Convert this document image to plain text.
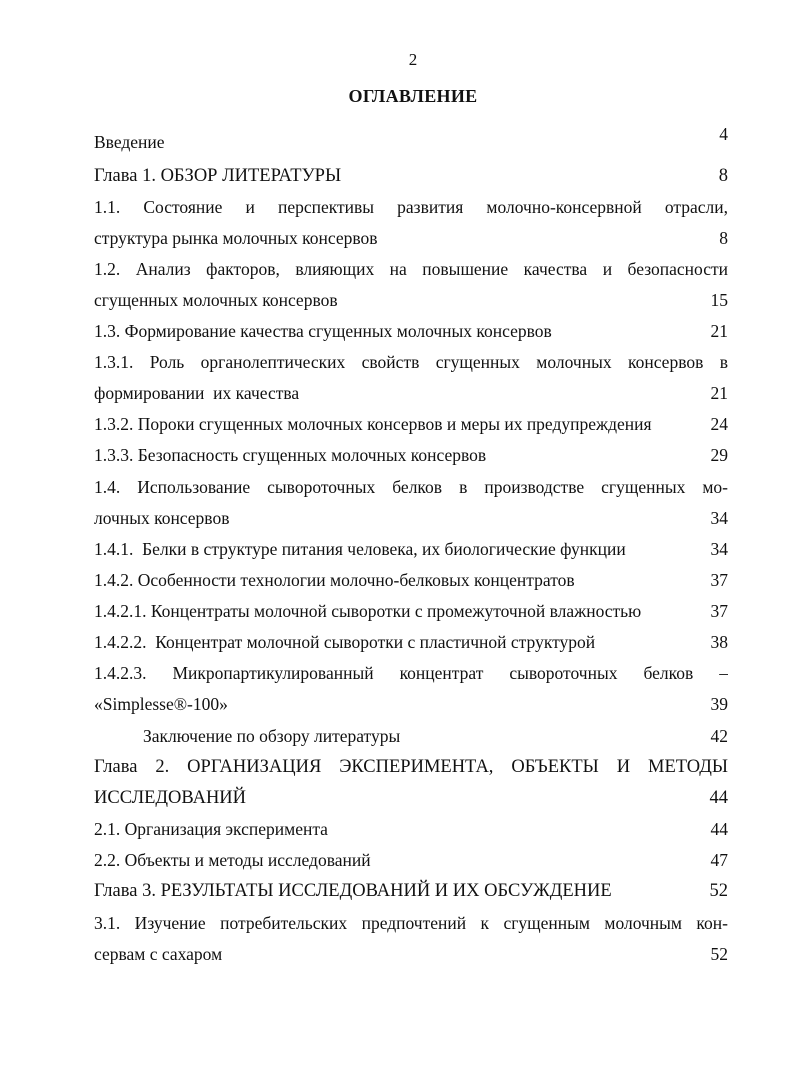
2
ОГЛАВЛЕНИЕ
Введение	4
Глава 1. ОБЗОР ЛИТЕРАТУРЫ	8
1.1. Состояние и перспективы развития молочно-консервной отрасли,
структура рынка молочных консервов	8
1.2. Анализ факторов, влияющих на повышение качества и безопасности
сгущенных молочных консервов	15
1.3. Формирование качества сгущенных молочных консервов	21
1.3.1. Роль органолептических свойств сгущенных молочных консервов в
формировании  их качества	21
1.3.2. Пороки сгущенных молочных консервов и меры их предупреждения	24
1.3.3. Безопасность сгущенных молочных консервов	29
1.4. Использование сывороточных белков в производстве сгущенных мо-
лочных консервов	34
1.4.1.  Белки в структуре питания человека, их биологические функции	34
1.4.2. Особенности технологии молочно-белковых концентратов	37
1.4.2.1. Концентраты молочной сыворотки с промежуточной влажностью	37
1.4.2.2.  Концентрат молочной сыворотки с пластичной структурой	38
1.4.2.3. Микропартикулированный концентрат сывороточных белков –
«Simplesse®-100»	39
Заключение по обзору литературы	42
Глава 2. ОРГАНИЗАЦИЯ ЭКСПЕРИМЕНТА, ОБЪЕКТЫ И МЕТОДЫ
ИССЛЕДОВАНИЙ	44
2.1. Организация эксперимента	44
2.2. Объекты и методы исследований	47
Глава 3. РЕЗУЛЬТАТЫ ИССЛЕДОВАНИЙ И ИХ ОБСУЖДЕНИЕ	52
3.1. Изучение потребительских предпочтений к сгущенным молочным кон-
сервам с сахаром	52
